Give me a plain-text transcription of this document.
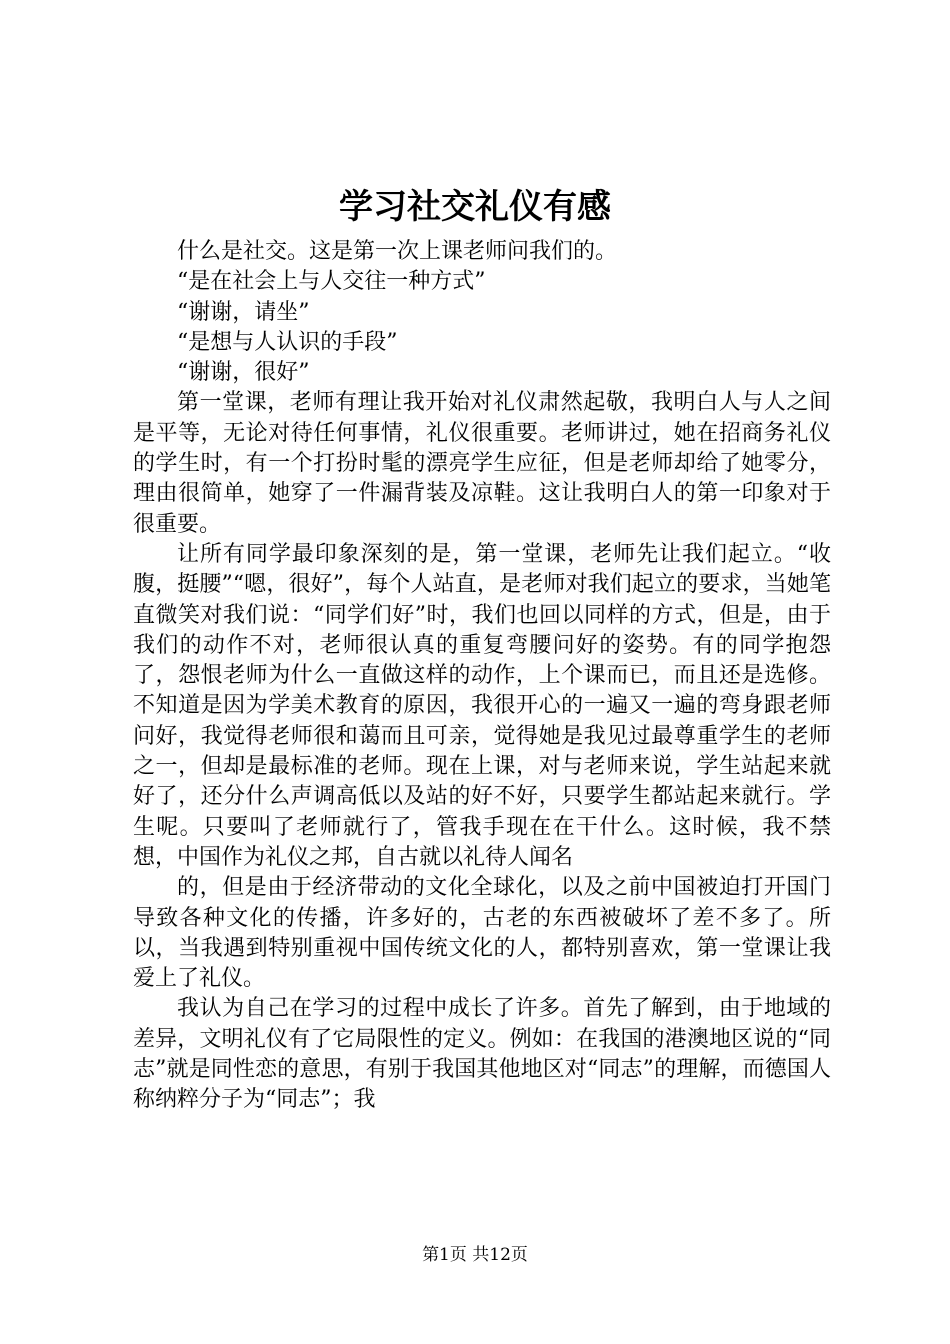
学习社交礼仪有感

什么是社交。这是第一次上课老师问我们的。

“是在社会上与人交往一种方式”

“谢谢，请坐”

“是想与人认识的手段”

“谢谢，很好”

第一堂课，老师有理让我开始对礼仪肃然起敬，我明白人与人之间是平等，无论对待任何事情，礼仪很重要。老师讲过，她在招商务礼仪的学生时，有一个打扮时髦的漂亮学生应征，但是老师却给了她零分，理由很简单，她穿了一件漏背装及凉鞋。这让我明白人的第一印象对于很重要。

让所有同学最印象深刻的是，第一堂课，老师先让我们起立。“收腹，挺腰”“嗯，很好”，每个人站直，是老师对我们起立的要求，当她笔直微笑对我们说：“同学们好”时，我们也回以同样的方式，但是，由于我们的动作不对，老师很认真的重复弯腰问好的姿势。有的同学抱怨了，怨恨老师为什么一直做这样的动作，上个课而已，而且还是选修。不知道是因为学美术教育的原因，我很开心的一遍又一遍的弯身跟老师问好，我觉得老师很和蔼而且可亲，觉得她是我见过最尊重学生的老师之一，但却是最标准的老师。现在上课，对与老师来说，学生站起来就好了，还分什么声调高低以及站的好不好，只要学生都站起来就行。学生呢。只要叫了老师就行了，管我手现在在干什么。这时候，我不禁想，中国作为礼仪之邦，自古就以礼待人闻名

的，但是由于经济带动的文化全球化，以及之前中国被迫打开国门导致各种文化的传播，许多好的，古老的东西被破坏了差不多了。所以，当我遇到特别重视中国传统文化的人，都特别喜欢，第一堂课让我爱上了礼仪。

我认为自己在学习的过程中成长了许多。首先了解到，由于地域的差异，文明礼仪有了它局限性的定义。例如：在我国的港澳地区说的“同志”就是同性恋的意思，有别于我国其他地区对“同志”的理解，而德国人称纳粹分子为“同志”；我

第1页 共12页
